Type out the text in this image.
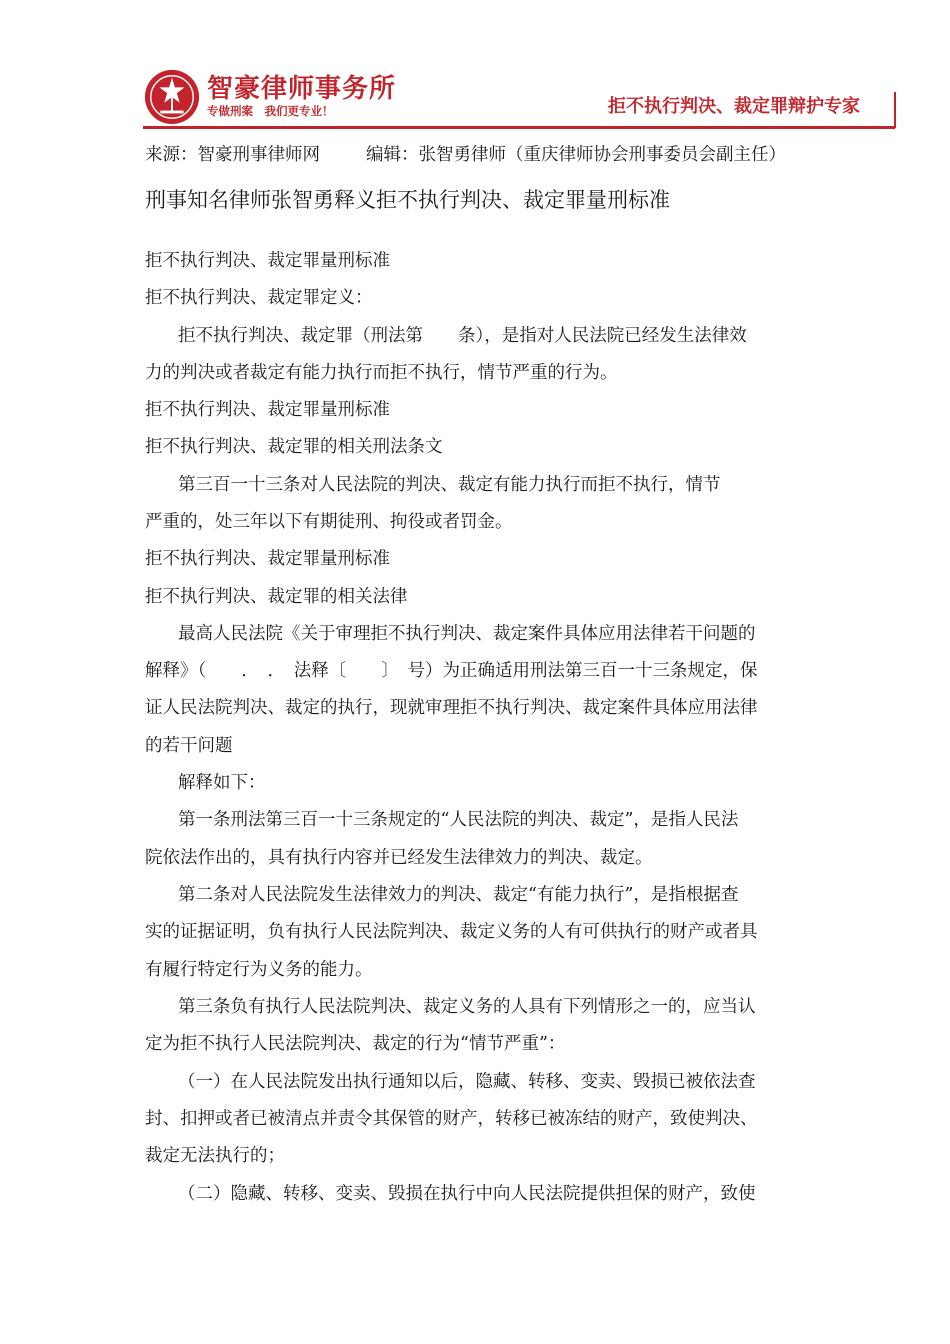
智豪律师事务所
专做刑案　我们更专业！	拒不执行判决、裁定罪辩护专家
来源：智豪刑事律师网	编辑：张智勇律师（重庆律师协会刑事委员会副主任）
刑事知名律师张智勇释义拒不执行判决、裁定罪量刑标准
拒不执行判决、裁定罪量刑标准
拒不执行判决、裁定罪定义：
拒不执行判决、裁定罪（刑法第　　条），是指对人民法院已经发生法律效
力的判决或者裁定有能力执行而拒不执行，情节严重的行为。
拒不执行判决、裁定罪量刑标准
拒不执行判决、裁定罪的相关刑法条文
第三百一十三条对人民法院的判决、裁定有能力执行而拒不执行，情节
严重的，处三年以下有期徒刑、拘役或者罚金。
拒不执行判决、裁定罪量刑标准
拒不执行判决、裁定罪的相关法律
最高人民法院《关于审理拒不执行判决、裁定案件具体应用法律若干问题的
解释》（　　．　．　法释〔　　〕　号）为正确适用刑法第三百一十三条规定，保
证人民法院判决、裁定的执行，现就审理拒不执行判决、裁定案件具体应用法律
的若干问题
解释如下：
第一条刑法第三百一十三条规定的“人民法院的判决、裁定”，是指人民法
院依法作出的，具有执行内容并已经发生法律效力的判决、裁定。
第二条对人民法院发生法律效力的判决、裁定“有能力执行”，是指根据查
实的证据证明，负有执行人民法院判决、裁定义务的人有可供执行的财产或者具
有履行特定行为义务的能力。
第三条负有执行人民法院判决、裁定义务的人具有下列情形之一的，应当认
定为拒不执行人民法院判决、裁定的行为“情节严重”：
（一）在人民法院发出执行通知以后，隐藏、转移、变卖、毁损已被依法查
封、扣押或者已被清点并责令其保管的财产，转移已被冻结的财产，致使判决、
裁定无法执行的；
（二）隐藏、转移、变卖、毁损在执行中向人民法院提供担保的财产，致使
